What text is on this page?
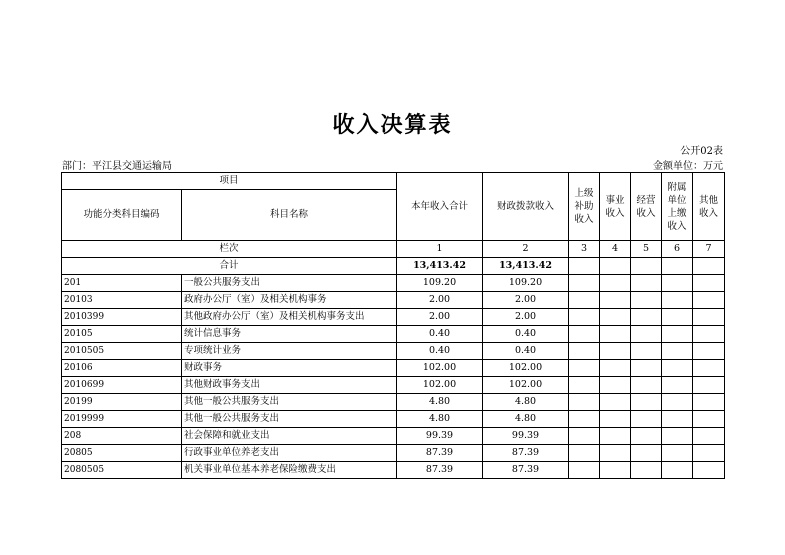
收入决算表
公开02表
部门：平江县交通运输局	金额单位：万元
项目		本年收入合计	财政拨款收入	上级补助收入	事业收入	经营收入	附属单位上缴收入	其他收入
功能分类科目编码	科目名称							

栏次		1	2	3	4	5	6	7
合计		13,413.42	13,413.42					
201	一般公共服务支出	109.20	109.20					
20103	政府办公厅（室）及相关机构事务	2.00	2.00					
2010399	其他政府办公厅（室）及相关机构事务支出	2.00	2.00					
20105	统计信息事务	0.40	0.40					
2010505	专项统计业务	0.40	0.40					
20106	财政事务	102.00	102.00					
2010699	其他财政事务支出	102.00	102.00					
20199	其他一般公共服务支出	4.80	4.80					
2019999	其他一般公共服务支出	4.80	4.80					
208	社会保障和就业支出	99.39	99.39					
20805	行政事业单位养老支出	87.39	87.39					
2080505	机关事业单位基本养老保险缴费支出	87.39	87.39					
